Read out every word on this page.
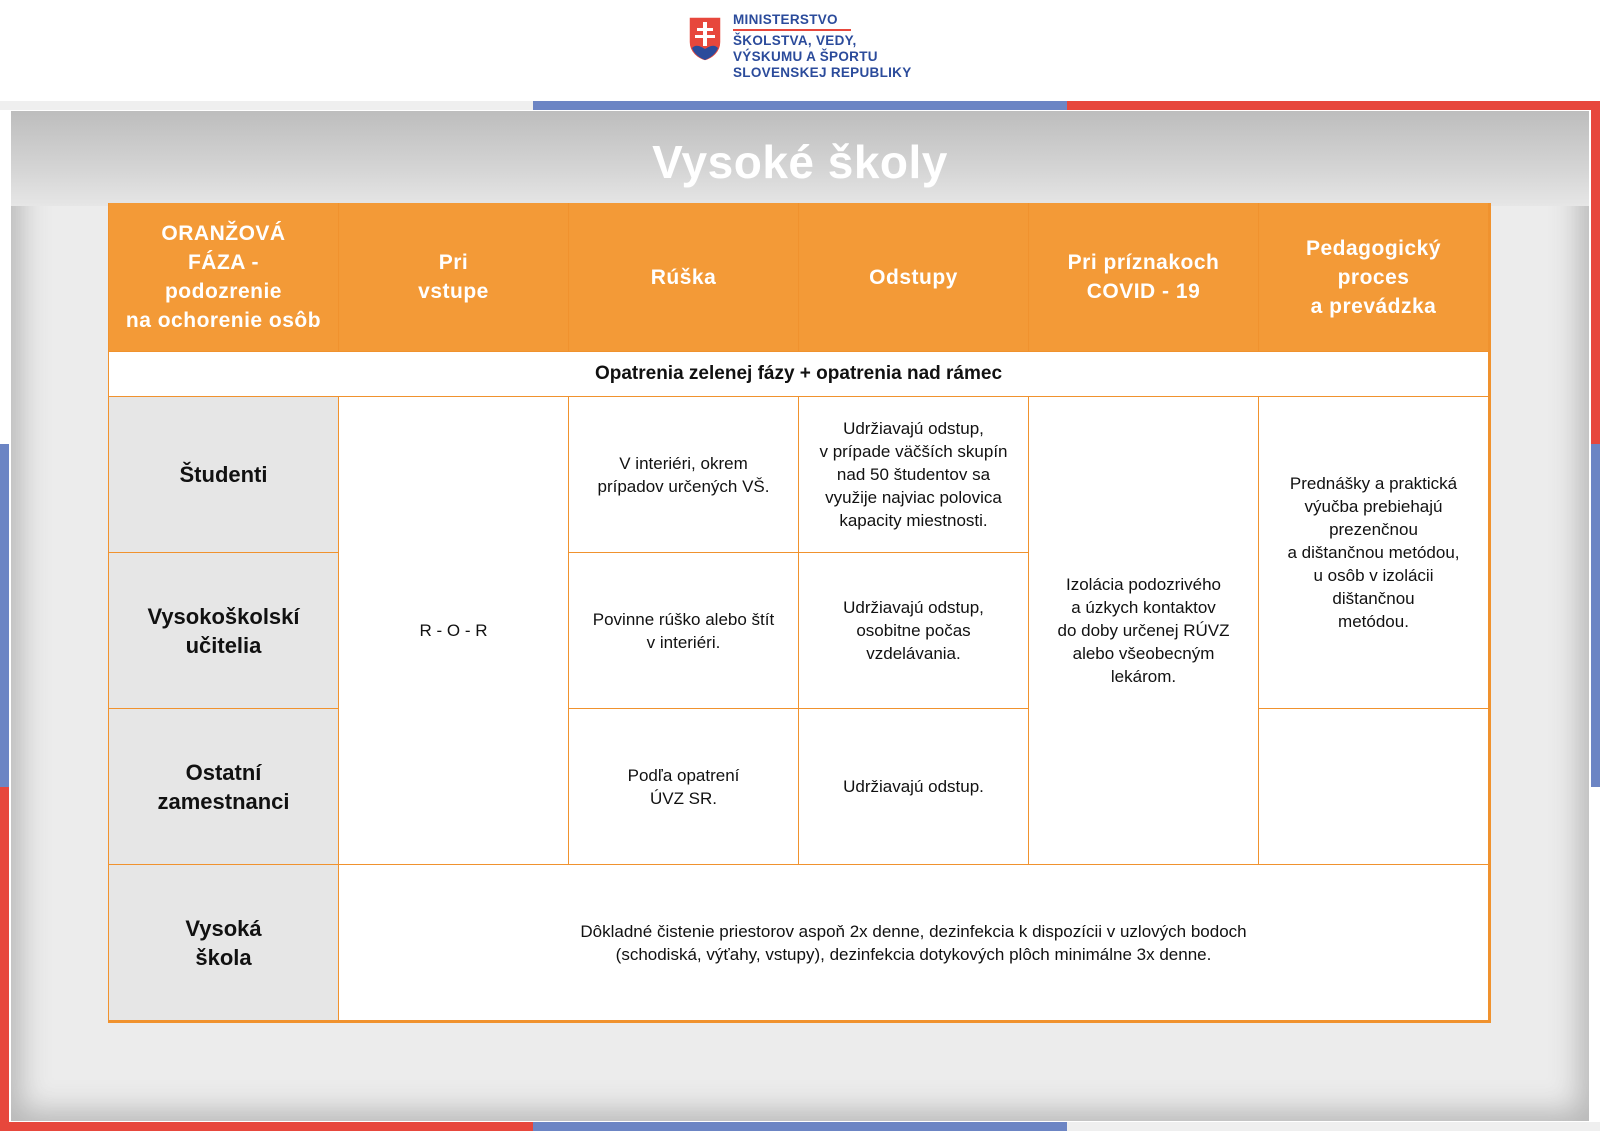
MINISTERSTVO
ŠKOLSTVA, VEDY,
VÝSKUMU A ŠPORTU
SLOVENSKEJ REPUBLIKY
Vysoké školy
ORANŽOVÁ
FÁZA -
podozrenie
na ochorenie osôb
Pri
vstupe
Rúška	Odstupy
Pri príznakoch
COVID - 19
Pedagogický
proces
a prevádzka
Opatrenia zelenej fázy + opatrenia nad rámec
Študenti
Vysokoškolskí
učitelia
Ostatní
zamestnanci
Vysoká
škola
R - O - R
V interiéri, okrem
prípadov určených VŠ.
Povinne rúško alebo štít
v interiéri.
Podľa opatrení
ÚVZ SR.
Udržiavajú odstup,
v prípade väčších skupín
nad 50 študentov sa
využije najviac polovica
kapacity miestnosti.
Udržiavajú odstup,
osobitne počas
vzdelávania.
Udržiavajú odstup.
Izolácia podozrivého
a úzkych kontaktov
do doby určenej RÚVZ
alebo všeobecným
lekárom.
Prednášky a praktická
výučba prebiehajú
prezenčnou
a dištančnou metódou,
u osôb v izolácii
dištančnou
metódou.
Dôkladné čistenie priestorov aspoň 2x denne, dezinfekcia k dispozícii v uzlových bodoch
(schodiská, výťahy, vstupy), dezinfekcia dotykových plôch minimálne 3x denne.
